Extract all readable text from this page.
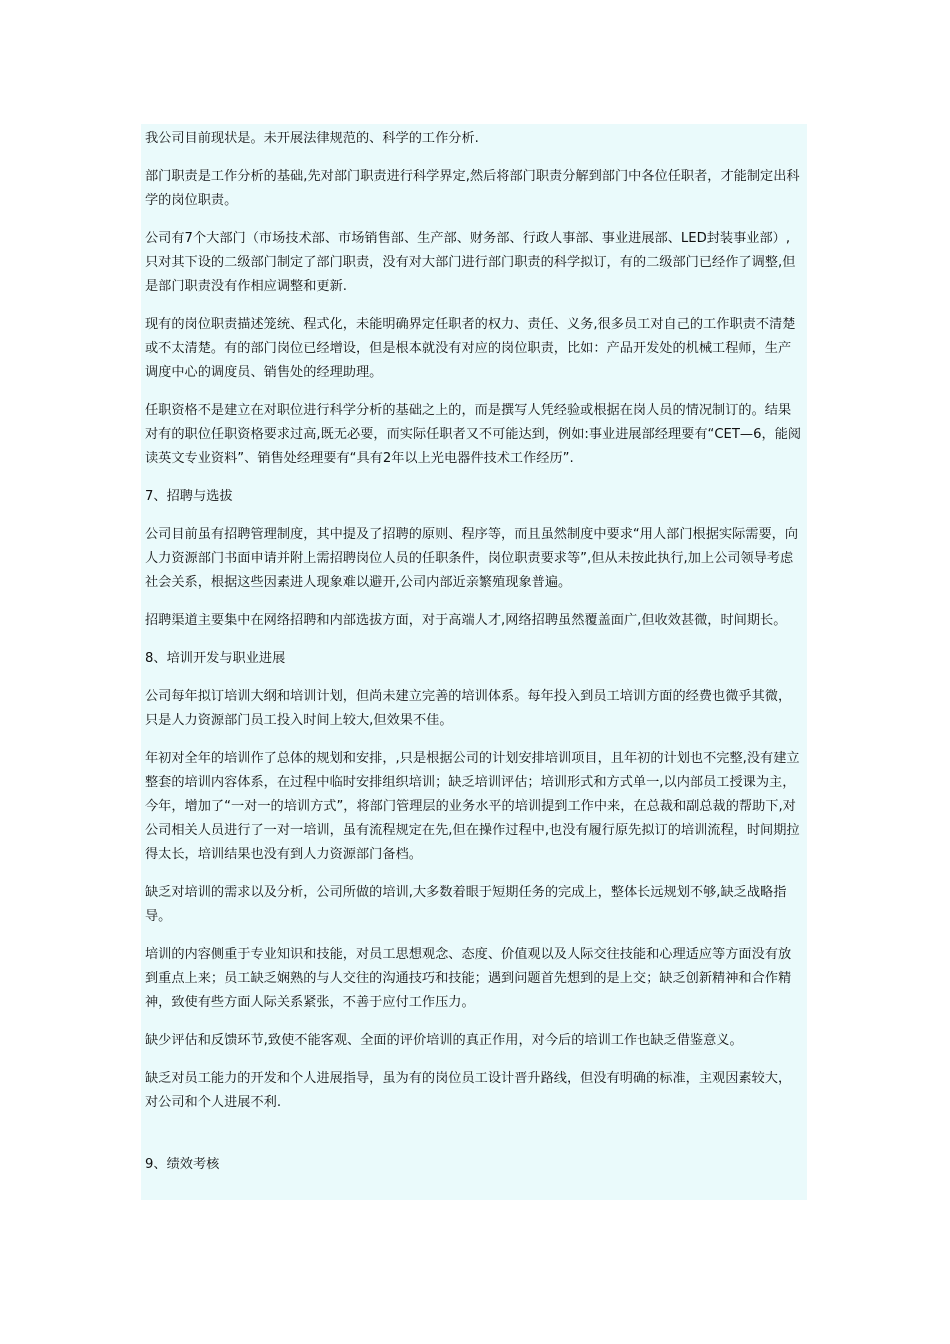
我公司目前现状是。未开展法律规范的、科学的工作分析.

部门职责是工作分析的基础,先对部门职责进行科学界定,然后将部门职责分解到部门中各位任职者，才能制定出科学的岗位职责。

公司有7个大部门（市场技术部、市场销售部、生产部、财务部、行政人事部、事业进展部、LED封装事业部）,只对其下设的二级部门制定了部门职责，没有对大部门进行部门职责的科学拟订，有的二级部门已经作了调整,但是部门职责没有作相应调整和更新.

现有的岗位职责描述笼统、程式化，未能明确界定任职者的权力、责任、义务,很多员工对自己的工作职责不清楚或不太清楚。有的部门岗位已经增设，但是根本就没有对应的岗位职责，比如：产品开发处的机械工程师，生产调度中心的调度员、销售处的经理助理。

任职资格不是建立在对职位进行科学分析的基础之上的，而是撰写人凭经验或根据在岗人员的情况制订的。结果对有的职位任职资格要求过高,既无必要，而实际任职者又不可能达到，例如:事业进展部经理要有“CET—6，能阅读英文专业资料”、销售处经理要有“具有2年以上光电器件技术工作经历”.

7、招聘与选拔

公司目前虽有招聘管理制度，其中提及了招聘的原则、程序等，而且虽然制度中要求“用人部门根据实际需要，向人力资源部门书面申请并附上需招聘岗位人员的任职条件，岗位职责要求等”,但从未按此执行,加上公司领导考虑社会关系，根据这些因素进人现象难以避开,公司内部近亲繁殖现象普遍。

招聘渠道主要集中在网络招聘和内部选拔方面，对于高端人才,网络招聘虽然覆盖面广,但收效甚微，时间期长。

8、培训开发与职业进展

公司每年拟订培训大纲和培训计划，但尚未建立完善的培训体系。每年投入到员工培训方面的经费也微乎其微，只是人力资源部门员工投入时间上较大,但效果不佳。

年初对全年的培训作了总体的规划和安排，,只是根据公司的计划安排培训项目，且年初的计划也不完整,没有建立整套的培训内容体系，在过程中临时安排组织培训；缺乏培训评估；培训形式和方式单一,以内部员工授课为主，今年，增加了“一对一的培训方式”，将部门管理层的业务水平的培训提到工作中来，在总裁和副总裁的帮助下,对公司相关人员进行了一对一培训，虽有流程规定在先,但在操作过程中,也没有履行原先拟订的培训流程，时间期拉得太长，培训结果也没有到人力资源部门备档。

缺乏对培训的需求以及分析，公司所做的培训,大多数着眼于短期任务的完成上，整体长远规划不够,缺乏战略指导。

培训的内容侧重于专业知识和技能，对员工思想观念、态度、价值观以及人际交往技能和心理适应等方面没有放到重点上来；员工缺乏娴熟的与人交往的沟通技巧和技能；遇到问题首先想到的是上交；缺乏创新精神和合作精神，致使有些方面人际关系紧张，不善于应付工作压力。

缺少评估和反馈环节,致使不能客观、全面的评价培训的真正作用，对今后的培训工作也缺乏借鉴意义。

缺乏对员工能力的开发和个人进展指导，虽为有的岗位员工设计晋升路线，但没有明确的标准，主观因素较大，对公司和个人进展不利.

9、绩效考核
